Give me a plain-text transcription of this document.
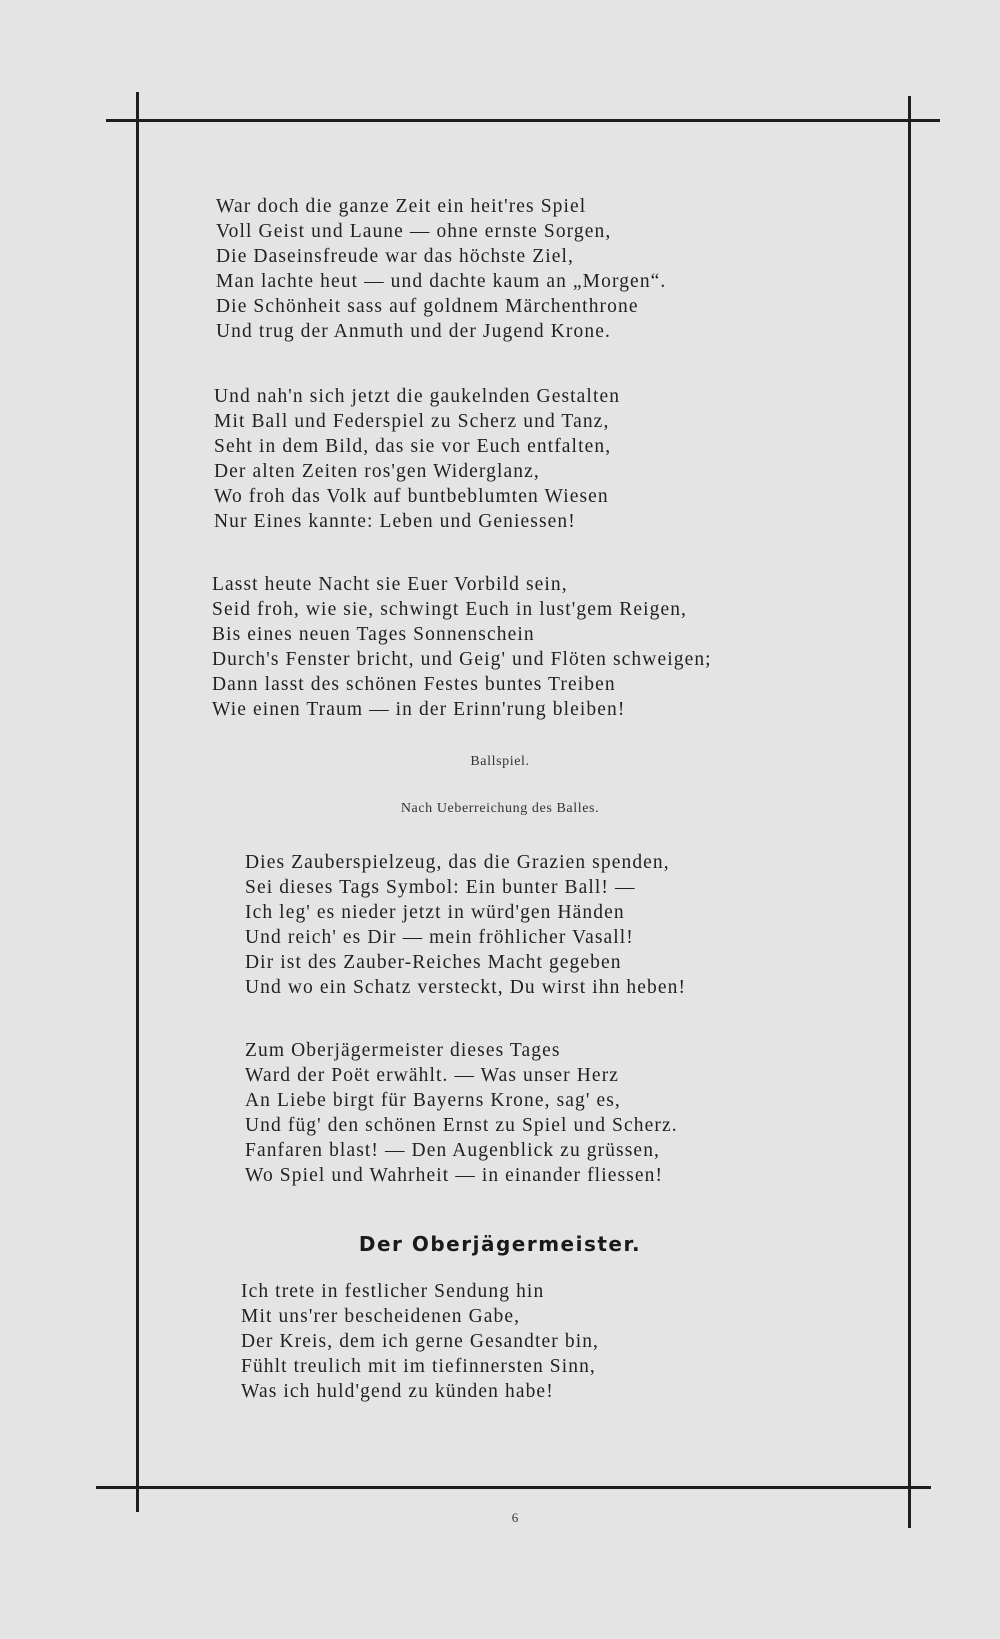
War doch die ganze Zeit ein heit'res Spiel
Voll Geist und Laune — ohne ernste Sorgen,
Die Daseinsfreude war das höchste Ziel,
Man lachte heut — und dachte kaum an „Morgen“.
Die Schönheit sass auf goldnem Märchenthrone
Und trug der Anmuth und der Jugend Krone.
Und nah'n sich jetzt die gaukelnden Gestalten
Mit Ball und Federspiel zu Scherz und Tanz,
Seht in dem Bild, das sie vor Euch entfalten,
Der alten Zeiten ros'gen Widerglanz,
Wo froh das Volk auf buntbeblumten Wiesen
Nur Eines kannte: Leben und Geniessen!
Lasst heute Nacht sie Euer Vorbild sein,
Seid froh, wie sie, schwingt Euch in lust'gem Reigen,
Bis eines neuen Tages Sonnenschein
Durch's Fenster bricht, und Geig' und Flöten schweigen;
Dann lasst des schönen Festes buntes Treiben
Wie einen Traum — in der Erinn'rung bleiben!
Ballspiel.
Nach Ueberreichung des Balles.
Dies Zauberspielzeug, das die Grazien spenden,
Sei dieses Tags Symbol: Ein bunter Ball! —
Ich leg' es nieder jetzt in würd'gen Händen
Und reich' es Dir — mein fröhlicher Vasall!
Dir ist des Zauber-Reiches Macht gegeben
Und wo ein Schatz versteckt, Du wirst ihn heben!
Zum Oberjägermeister dieses Tages
Ward der Poët erwählt. — Was unser Herz
An Liebe birgt für Bayerns Krone, sag' es,
Und füg' den schönen Ernst zu Spiel und Scherz.
Fanfaren blast! — Den Augenblick zu grüssen,
Wo Spiel und Wahrheit — in einander fliessen!
Der Oberjägermeister.
Ich trete in festlicher Sendung hin
Mit uns'rer bescheidenen Gabe,
Der Kreis, dem ich gerne Gesandter bin,
Fühlt treulich mit im tiefinnersten Sinn,
Was ich huld'gend zu künden habe!
6
